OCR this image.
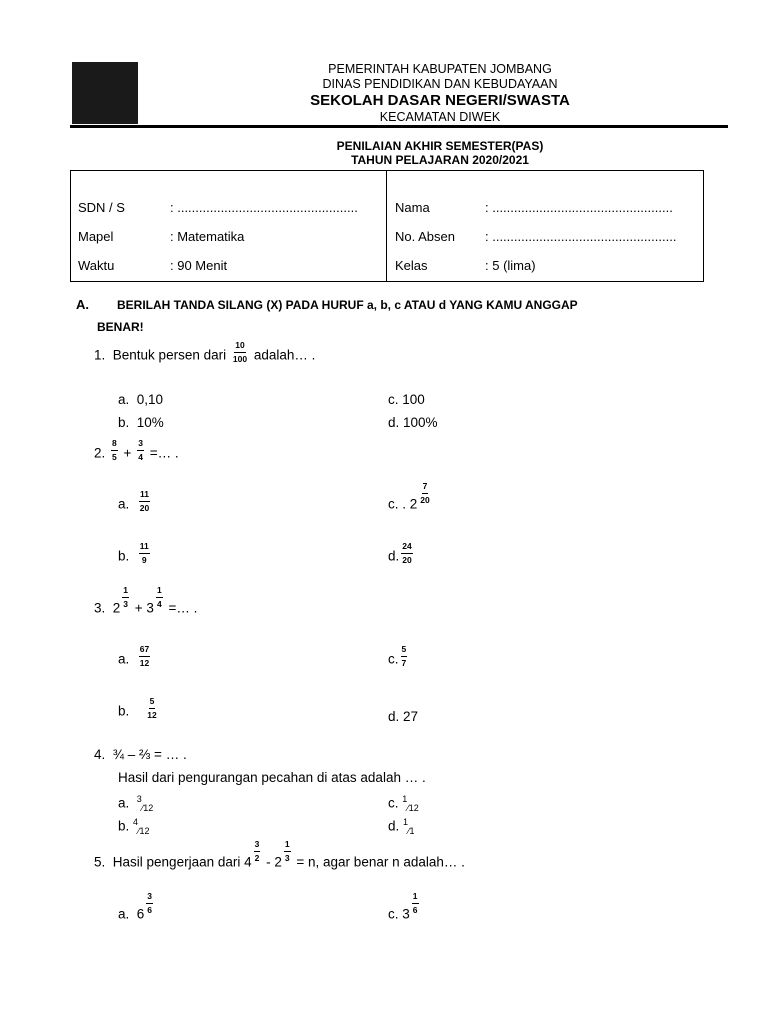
PEMERINTAH KABUPATEN JOMBANG
DINAS PENDIDIKAN DAN KEBUDAYAAN
SEKOLAH DASAR NEGERI/SWASTA
KECAMATAN DIWEK
PENILAIAN AKHIR SEMESTER(PAS)
TAHUN PELAJARAN 2020/2021
SDN / S	: ..................................................
Mapel	: Matematika
Waktu	: 90 Menit
Nama	: ..................................................
No. Absen : ...................................................
Kelas	: 5 (lima)
A. BERILAH TANDA SILANG (X) PADA HURUF a, b, c ATAU d YANG KAMU ANGGAP
BENAR!
1. Bentuk persen dari $\frac{10}{100}$ adalah… .
a. 0,10
b. 10%
c. 100
d. 100%
2. $\frac{8}{5} + \frac{3}{4}$ =… .
a. $\frac{11}{20}$
b. $\frac{11}{9}$
c. . 2
$\frac{7}{20}$
d. $\frac{24}{20}$
3. 2
$\frac{1}{3}$
+ 3
$\frac{1}{4}$
=… .
a. $\frac{67}{12}$
b. $\frac{5}{12}$
c. $\frac{5}{7}$
d. 27
4. ¾ – ⅔ = … .
Hasil dari pengurangan pecahan di atas adalah … .
a. $^3_{⁄12}$
b. $^4_{⁄12}$
c. $^1_{⁄12}$
d. $^1_{⁄1}$
5. Hasil pengerjaan dari 4
$\frac{3}{2}$
- 2
$\frac{1}{3}$
= n, agar benar n adalah… .
a. 6
$\frac{3}{6}$
c. 3
$\frac{1}{6}$
